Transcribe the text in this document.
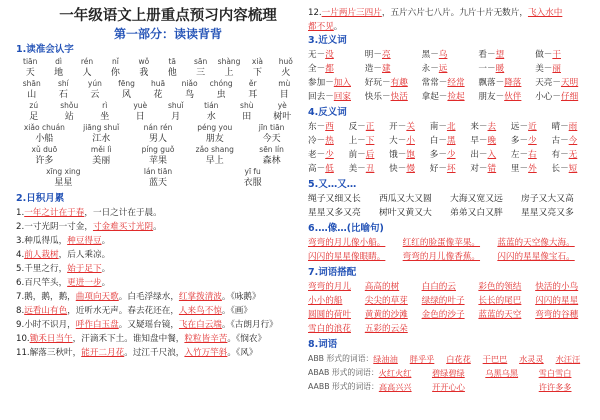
一年级语文上册重点预习内容梳理
第一部分：读读背背
1.读准会认字
tiān	dì	rén	nǐ	wǒ	tā	sān	shàng	xià	huǒ
天	地	人	你	我	他	三	上	下	火
shān	shí	yún	fēng	huā	niǎo	chóng	ěr	mù
山	石	云	风	花	鸟	虫	耳	目
zú	shǒu	rì	yuè	shuǐ	tián	shù	yè
足	站	坐	日	月	水	田	树叶
xiǎo chuán	jiāng shuǐ	nán rén	péng you	jīn tiān
小船	江水	男人	朋友	今天
xǔ duō	měi lì	píng guǒ	zǎo shang	sēn lín
许多	美丽	苹果	早上	森林
xīng xing	lán tiān	yī fu
星星	蓝天	衣服
2.日积月累
1.一年之计在于春，一日之计在于晨。
2.一寸光阴一寸金，寸金难买寸光阴。
3.种瓜得瓜，种豆得豆。
4.前人栽树，后人乘凉。
5.千里之行，始于足下。
6.百尺竿头，更进一步。
7.鹅，鹅，鹅，曲项向天歌。白毛浮绿水，红掌拨清波。《咏鹅》
8.远看山有色，近听水无声。春去花还在，人来鸟不惊。《画》
9.小时不识月，呼作白玉盘。又疑瑶台镜，飞在白云端。《古朗月行》
10.锄禾日当午，汗滴禾下土。谁知盘中餐，粒粒皆辛苦。《悯农》
11.解落三秋叶，能开二月花。过江千尺浪，入竹万竿斜。《风》
12.一片两片三四片，五片六片七八片。九片十片无数片，飞入水中
都不见。
3.近义词
无－没	明－亮	黑－乌	看－望	做－干
全－都	造－建	永－远	一－暖	美－丽
参加－加入	好玩－有趣	常常－经常	飘落－降落	天亮－天明
回去－回家	快乐－快活	拿起－捡起	朋友－伙伴	小心－仔细
4.反义词
东－西	反－正	开－关	南－北	来－去	远－近	晴－雨
冷－热	上－下	大－小	白－黑	早－晚	多－少	古－今
老－少	前－后	饿－饱	多－少	出－入	左－右	有－无
高－低	美－丑	快－慢	好－坏	对－错	里－外	长－短
5.又…又…
绳子又细又长	西瓜又大又圆	大海又宽又远	房子又大又高
星星又多又亮	树叶又黄又大	弟弟又白又胖	星星又亮又多
6.…像…(比喻句)
弯弯的月儿像小船。	红红的脸蛋像苹果。	蓝蓝的天空像大海。
闪闪的星星像眼睛。	弯弯的月儿像香蕉。	闪闪的星星像宝石。
7.词语搭配
弯弯的月儿	高高的树	白白的云	彩色的领结	快活的小鸟
小小的船	尖尖的草芽	绿绿的叶子	长长的尾巴	闪闪的星星
圆圆的荷叶	黄黄的沙滩	金色的沙子	蓝蓝的天空	弯弯的谷穗
雪白的浪花	五彩的云朵
8.词语
ABB 形式的词语： 绿油油	胖乎乎	白花花	干巴巴	水灵灵	水汪汪
ABAB 形式的词语： 火红火红	碧绿碧绿	乌黑乌黑	雪白雪白
AABB 形式的词语： 高高兴兴	开开心心	许许多多
